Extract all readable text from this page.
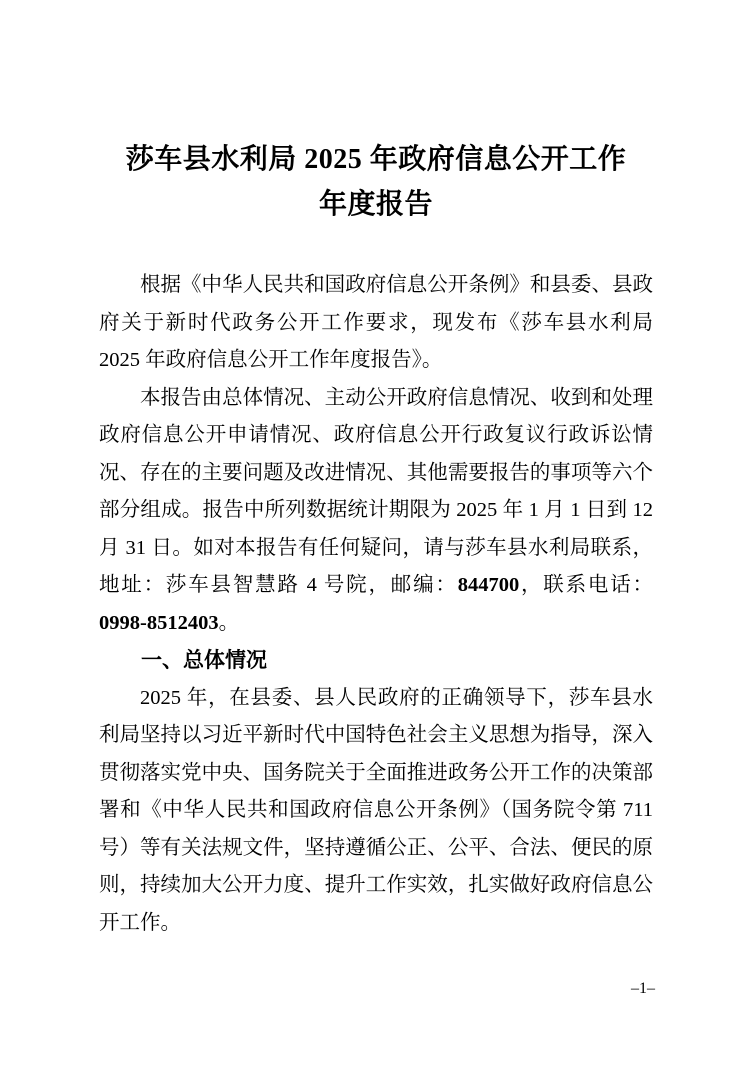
莎车县水利局 2025 年政府信息公开工作
年度报告

根据《中华人民共和国政府信息公开条例》和县委、县政府关于新时代政务公开工作要求，现发布《莎车县水利局 2025 年政府信息公开工作年度报告》。

本报告由总体情况、主动公开政府信息情况、收到和处理政府信息公开申请情况、政府信息公开行政复议行政诉讼情况、存在的主要问题及改进情况、其他需要报告的事项等六个部分组成。报告中所列数据统计期限为 2025 年 1 月 1 日到 12 月 31 日。如对本报告有任何疑问，请与莎车县水利局联系，地址：莎车县智慧路 4 号院，邮编：844700，联系电话：0998-8512403。

一、总体情况

2025 年，在县委、县人民政府的正确领导下，莎车县水利局坚持以习近平新时代中国特色社会主义思想为指导，深入贯彻落实党中央、国务院关于全面推进政务公开工作的决策部署和《中华人民共和国政府信息公开条例》（国务院令第 711 号）等有关法规文件，坚持遵循公正、公平、合法、便民的原则，持续加大公开力度、提升工作实效，扎实做好政府信息公开工作。

–1–
